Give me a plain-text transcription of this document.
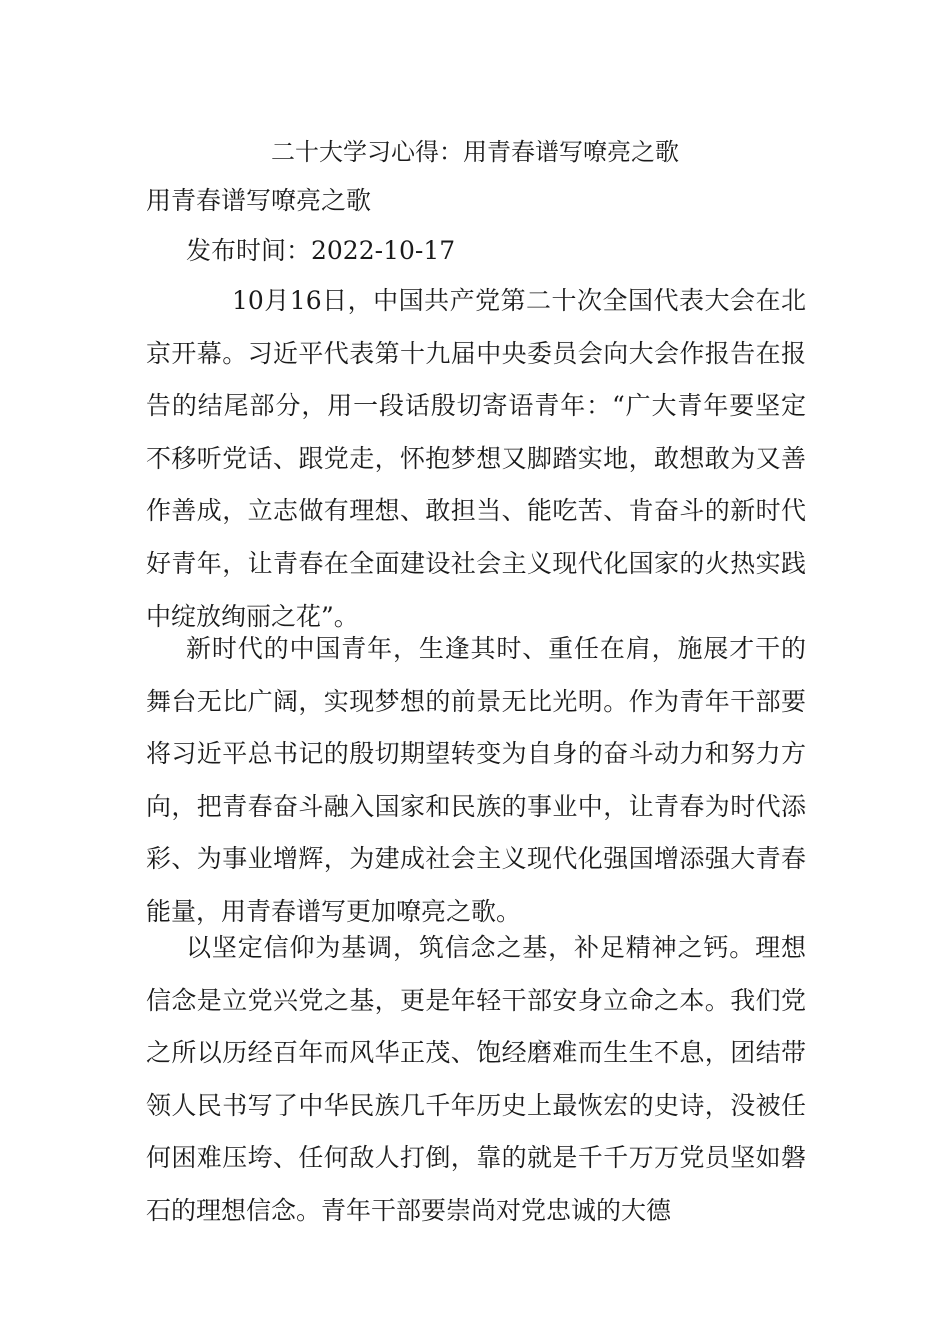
二十大学习心得：用青春谱写嘹亮之歌
用青春谱写嘹亮之歌
发布时间：2022-10-17

10月16日，中国共产党第二十次全国代表大会在北京开幕。习近平代表第十九届中央委员会向大会作报告在报告的结尾部分，用一段话殷切寄语青年：“广大青年要坚定不移听党话、跟党走，怀抱梦想又脚踏实地，敢想敢为又善作善成，立志做有理想、敢担当、能吃苦、肯奋斗的新时代好青年，让青春在全面建设社会主义现代化国家的火热实践中绽放绚丽之花”。

新时代的中国青年，生逢其时、重任在肩，施展才干的舞台无比广阔，实现梦想的前景无比光明。作为青年干部要将习近平总书记的殷切期望转变为自身的奋斗动力和努力方向，把青春奋斗融入国家和民族的事业中，让青春为时代添彩、为事业增辉，为建成社会主义现代化强国增添强大青春能量，用青春谱写更加嘹亮之歌。

以坚定信仰为基调，筑信念之基，补足精神之钙。理想信念是立党兴党之基，更是年轻干部安身立命之本。我们党之所以历经百年而风华正茂、饱经磨难而生生不息，团结带领人民书写了中华民族几千年历史上最恢宏的史诗，没被任何困难压垮、任何敌人打倒，靠的就是千千万万党员坚如磐石的理想信念。青年干部要崇尚对党忠诚的大德
